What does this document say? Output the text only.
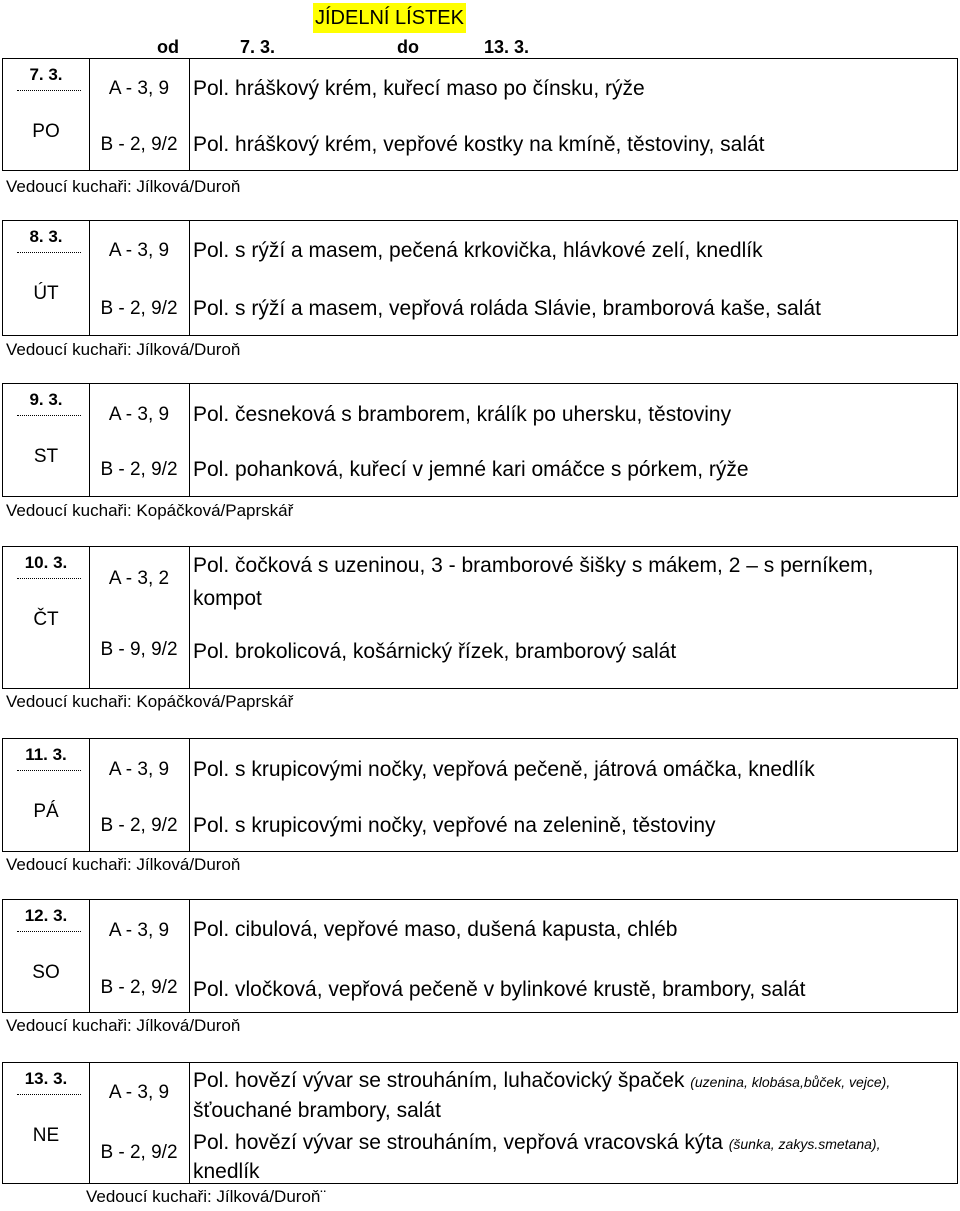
JÍDELNÍ LÍSTEK
od	7. 3.	do	13. 3.
7. 3.
PO
A - 3, 9	Pol. hráškový krém, kuřecí maso po čínsku, rýže
B - 2, 9/2 Pol. hráškový krém, vepřové kostky na kmíně, těstoviny, salát
Vedoucí kuchaři: Jílková/Duroň
8. 3.
ÚT
A - 3, 9	Pol. s rýží a masem, pečená krkovička, hlávkové zelí, knedlík
B - 2, 9/2 Pol. s rýží a masem, vepřová roláda Slávie, bramborová kaše, salát
Vedoucí kuchaři: Jílková/Duroň
9. 3.
ST
A - 3, 9	Pol. česneková s bramborem, králík po uhersku, těstoviny
B - 2, 9/2 Pol. pohanková, kuřecí v jemné kari omáčce s pórkem, rýže
Vedoucí kuchaři: Kopáčková/Paprskář
10. 3.
ČT
A - 3, 2
Pol. čočková s uzeninou, 3 - bramborové šišky s mákem, 2 – s perníkem,
kompot
B - 9, 9/2 Pol. brokolicová, košárnický řízek, bramborový salát
Vedoucí kuchaři: Kopáčková/Paprskář
11. 3.
PÁ
A - 3, 9	Pol. s krupicovými nočky, vepřová pečeně, játrová omáčka, knedlík
B - 2, 9/2 Pol. s krupicovými nočky, vepřové na zelenině, těstoviny
Vedoucí kuchaři: Jílková/Duroň
12. 3.
SO
A - 3, 9	Pol. cibulová, vepřové maso, dušená kapusta, chléb
B - 2, 9/2 Pol. vločková, vepřová pečeně v bylinkové krustě, brambory, salát
Vedoucí kuchaři: Jílková/Duroň
13. 3.
NE
A - 3, 9
Pol. hovězí vývar se strouháním, luhačovický špaček (uzenina, klobása,bůček, vejce),
šťouchané brambory, salát
B - 2, 9/2 Pol. hovězí vývar se strouháním, vepřová vracovská kýta (šunka, zakys.smetana),
knedlík
Vedoucí kuchaři: Jílková/Duroň¨
